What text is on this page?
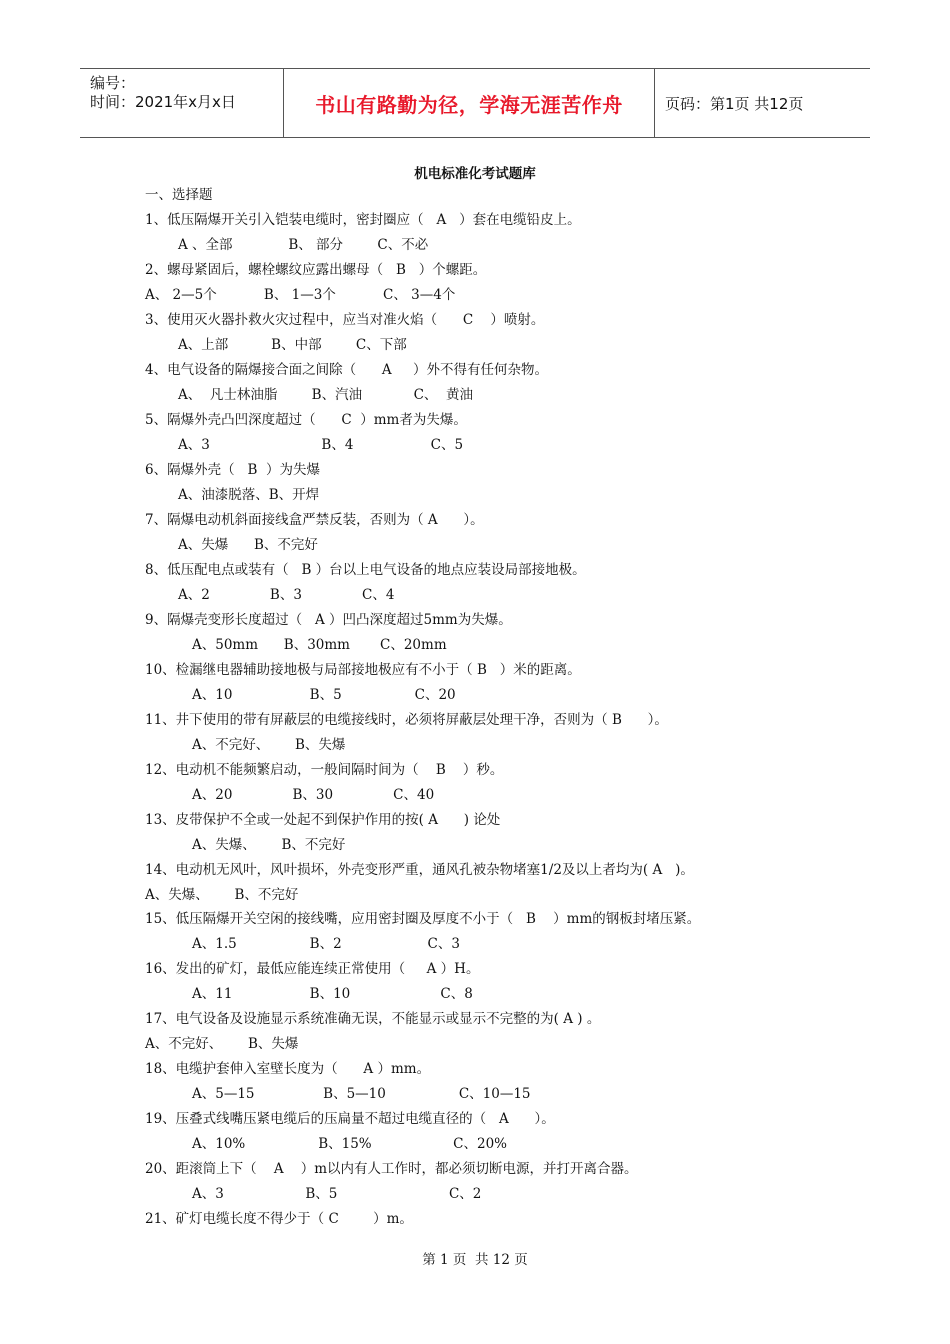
编号：
时间：2021年x月x日	书山有路勤为径，学海无涯苦作舟	页码：第1页 共12页
机电标准化考试题库
一、选择题
1、低压隔爆开关引入铠装电缆时，密封圈应（   A   ）套在电缆铅皮上。
A 、全部             B、 部分        C、不必
2、螺母紧固后，螺栓螺纹应露出螺母（   B   ）个螺距。
A、 2—5个           B、 1—3个           C、 3—4个
3、使用灭火器扑救火灾过程中，应当对准火焰（      C    ）喷射。
A、上部          B、中部        C、下部
4、电气设备的隔爆接合面之间除（      A     ）外不得有任何杂物。
A、  凡士林油脂        B、汽油            C、  黄油
5、隔爆外壳凸凹深度超过（      C  ）mm者为失爆。
A、3                          B、4                  C、5
6、隔爆外壳（   B  ）为失爆
A、油漆脱落、B、开焊
7、隔爆电动机斜面接线盒严禁反装，否则为（ A      ）。
A、失爆      B、不完好
8、低压配电点或装有（   B ）台以上电气设备的地点应装设局部接地极。
A、2              B、3              C、4
9、隔爆壳变形长度超过（   A ）凹凸深度超过5mm为失爆。
A、50mm      B、30mm       C、20mm
10、检漏继电器辅助接地极与局部接地极应有不小于（ B   ）米的距离。
A、10                  B、5                 C、20
11、井下使用的带有屏蔽层的电缆接线时，必须将屏蔽层处理干净，否则为（ B      ）。
A、不完好、      B、失爆
12、电动机不能频繁启动，一般间隔时间为（    B    ）秒。
A、20              B、30              C、40
13、皮带保护不全或一处起不到保护作用的按( A      ) 论处
A、失爆、      B、不完好
14、电动机无风叶，风叶损坏，外壳变形严重，通风孔被杂物堵塞1/2及以上者均为( A   )。
A、失爆、      B、不完好
15、低压隔爆开关空闲的接线嘴，应用密封圈及厚度不小于（   B    ）mm的钢板封堵压紧。
A、1.5                 B、2                    C、3
16、发出的矿灯，最低应能连续正常使用（     A ）H。
A、11                  B、10                     C、8
17、电气设备及设施显示系统准确无误，不能显示或显示不完整的为( A ) 。
A、不完好、      B、失爆
18、电缆护套伸入室壁长度为（      A ）mm。
A、5—15                B、5—10                 C、10—15
19、压叠式线嘴压紧电缆后的压扁量不超过电缆直径的（   A      ）。
A、10%                 B、15%                   C、20%
20、距滚筒上下（    A    ）m以内有人工作时，都必须切断电源，并打开离合器。
A、3                   B、5                          C、2
21、矿灯电缆长度不得少于（ C        ）m。
第 1 页  共 12 页
